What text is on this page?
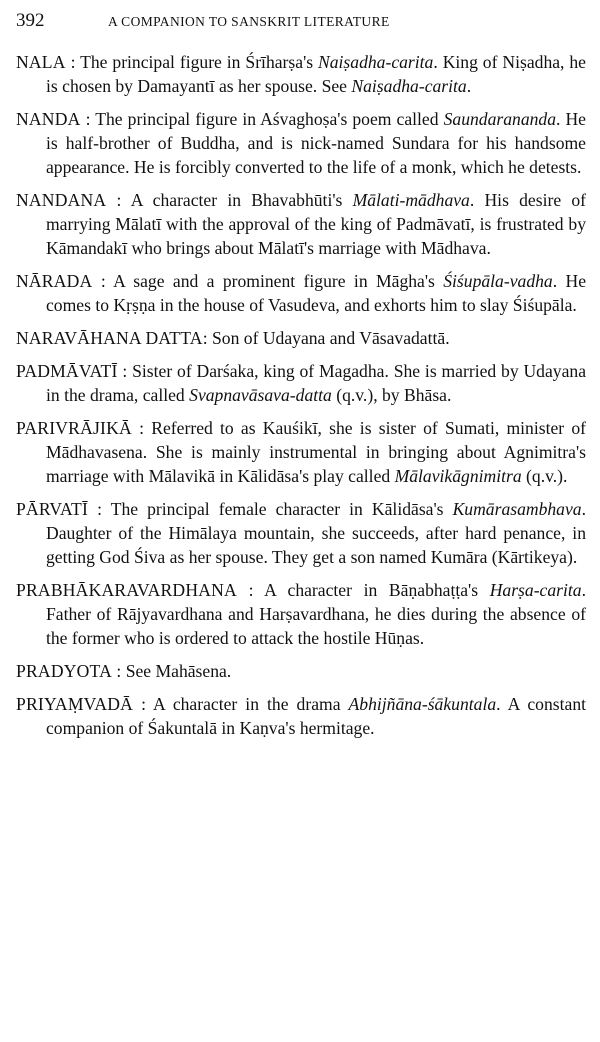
392	A COMPANION TO SANSKRIT LITERATURE

NALA : The principal figure in Śrīharṣa's Naiṣadha-carita. King of Niṣadha, he is chosen by Damayantī as her spouse. See Naiṣadha-carita.

NANDA : The principal figure in Aśvaghoṣa's poem called Saundarananda. He is half-brother of Buddha, and is nick-named Sundara for his handsome appearance. He is forcibly converted to the life of a monk, which he detests.

NANDANA : A character in Bhavabhūti's Mālati-mādhava. His desire of marrying Mālatī with the approval of the king of Padmāvatī, is frustrated by Kāmandakī who brings about Mālatī's marriage with Mādhava.

NĀRADA : A sage and a prominent figure in Māgha's Śiśupāla-vadha. He comes to Kṛṣṇa in the house of Vasudeva, and exhorts him to slay Śiśupāla.

NARAVĀHANA DATTA: Son of Udayana and Vāsavadattā.

PADMĀVATĪ : Sister of Darśaka, king of Magadha. She is married by Udayana in the drama, called Svapnavāsava-datta (q.v.), by Bhāsa.

PARIVRĀJIKĀ : Referred to as Kauśikī, she is sister of Sumati, minister of Mādhavasena. She is mainly instrumental in bringing about Agnimitra's marriage with Mālavikā in Kālidāsa's play called Mālavikāgnimitra (q.v.).

PĀRVATĪ : The principal female character in Kālidāsa's Kumārasambhava. Daughter of the Himālaya mountain, she succeeds, after hard penance, in getting God Śiva as her spouse. They get a son named Kumāra (Kārtikeya).

PRABHĀKARAVARDHANA : A character in Bāṇabhaṭṭa's Harṣa-carita. Father of Rājyavardhana and Harṣavardhana, he dies during the absence of the former who is ordered to attack the hostile Hūṇas.

PRADYOTA : See Mahāsena.

PRIYAṂVADĀ : A character in the drama Abhijñāna-śākuntala. A constant companion of Śakuntalā in Kaṇva's hermitage.
